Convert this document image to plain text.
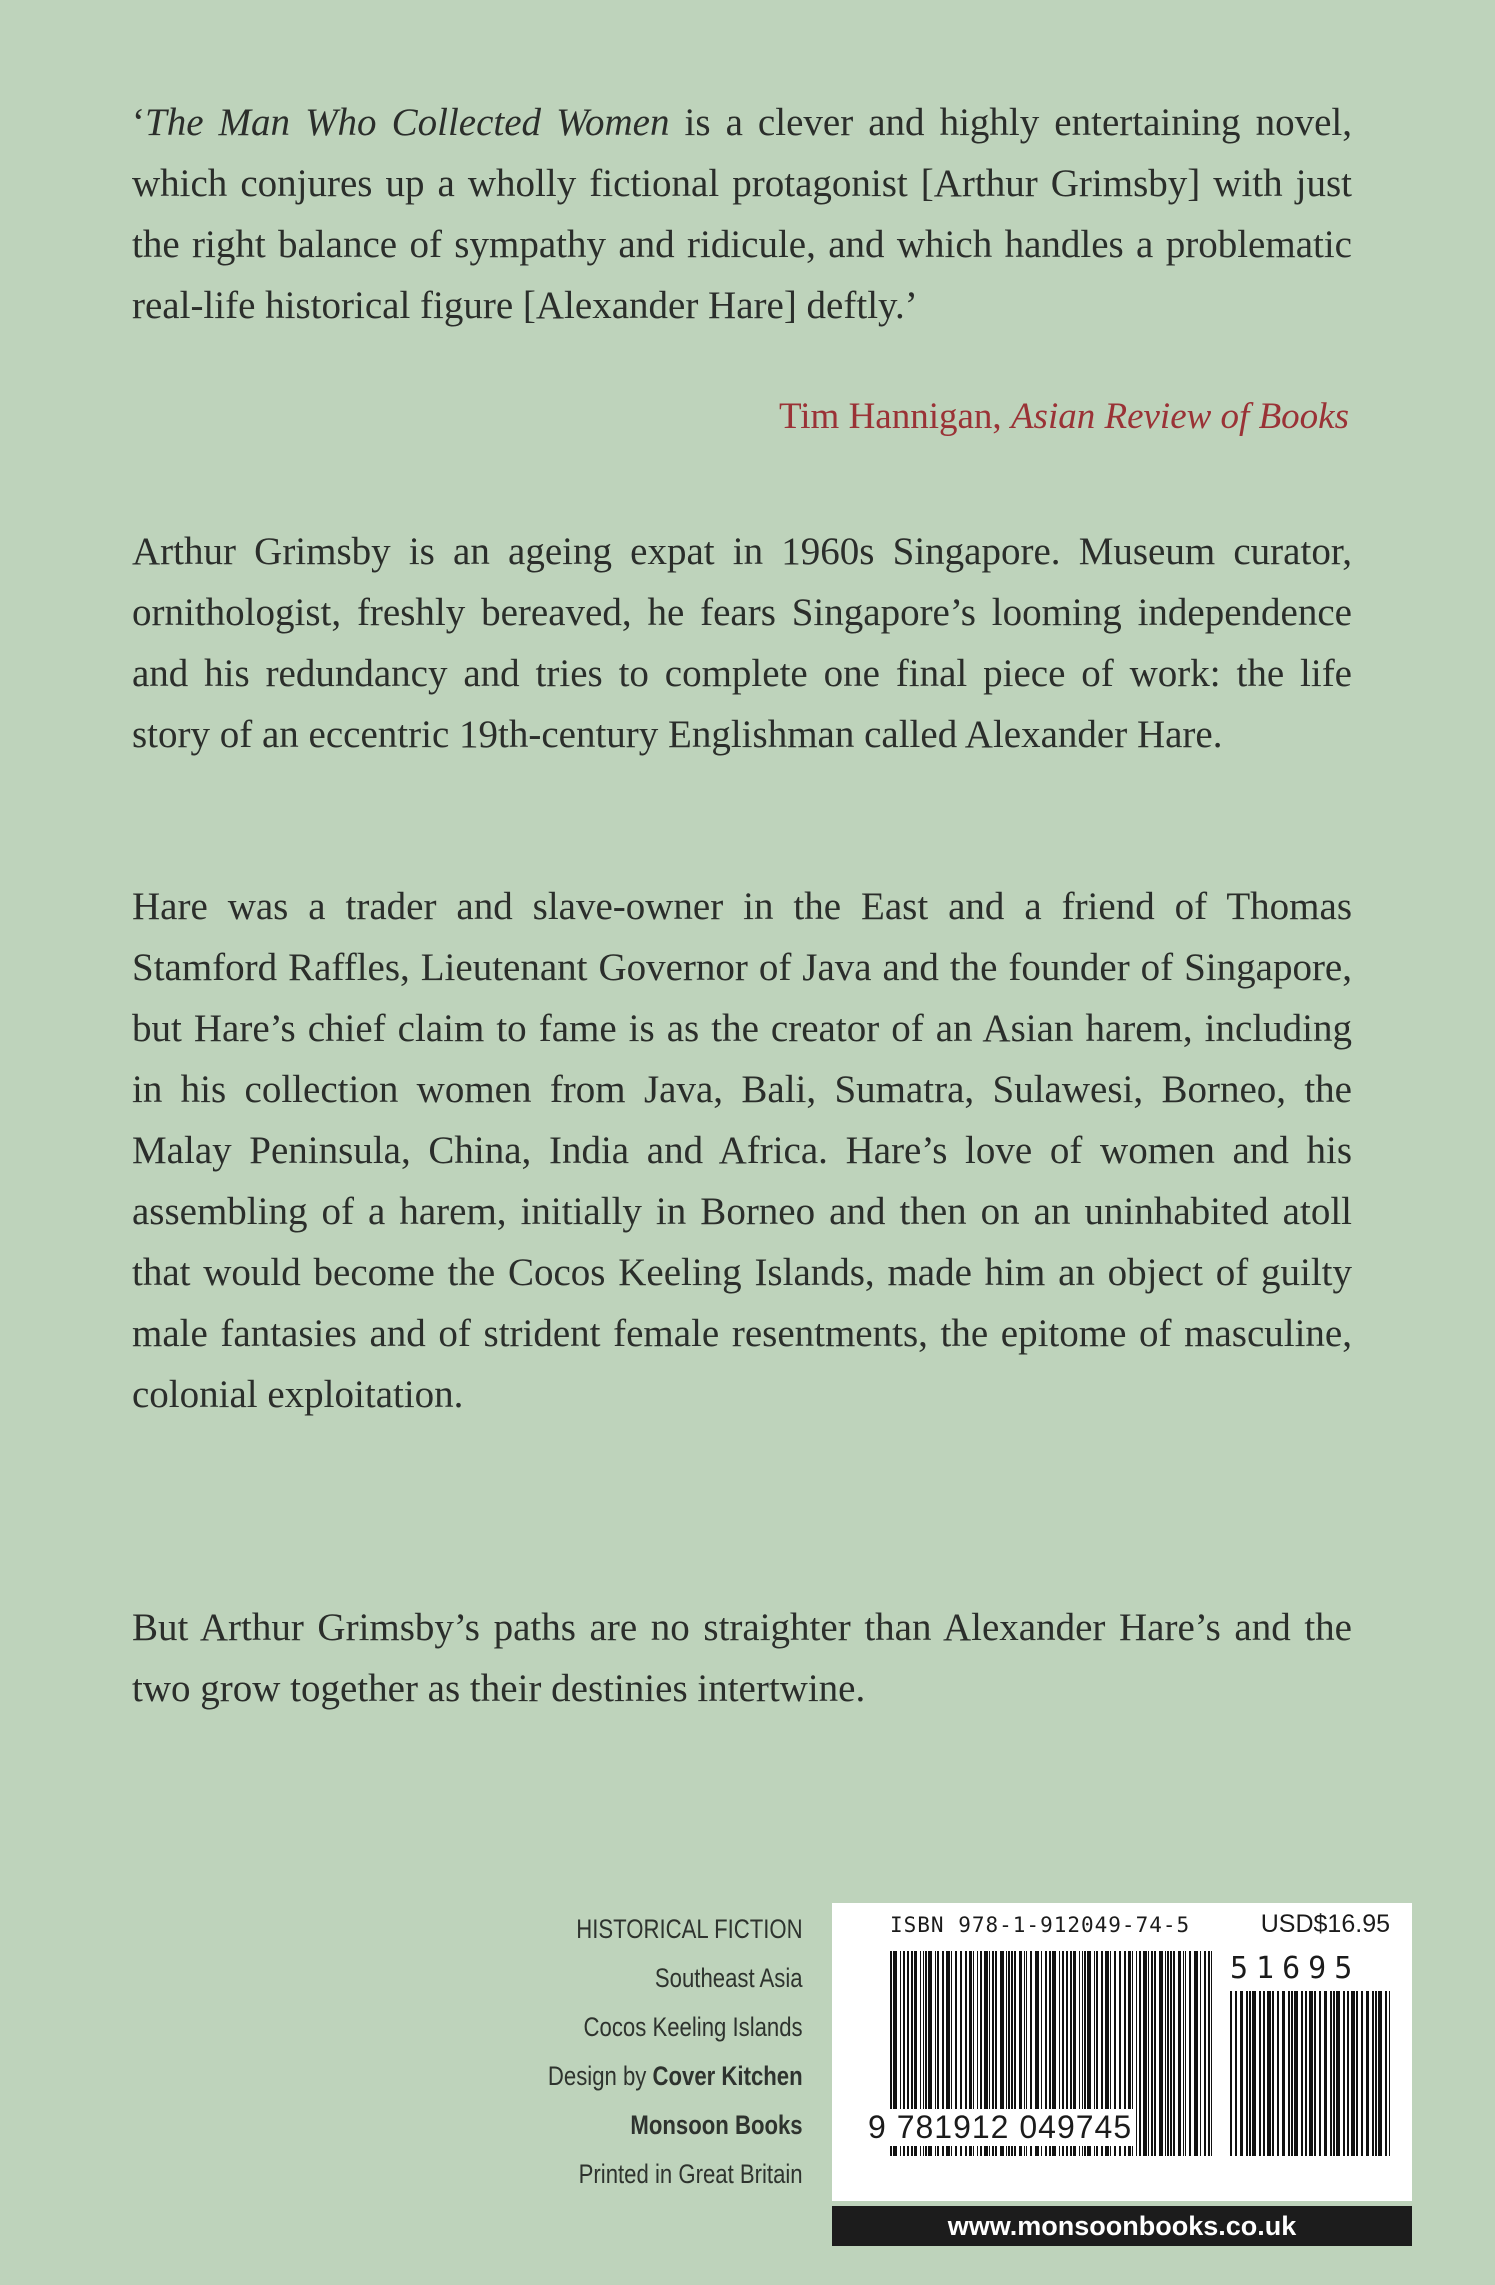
‘The Man Who Collected Women is a clever and highly entertaining novel, which conjures up a wholly fictional protagonist [Arthur Grimsby] with just the right balance of sympathy and ridicule, and which handles a problematic real-life historical figure [Alexander Hare] deftly.’
Tim Hannigan, Asian Review of Books
Arthur Grimsby is an ageing expat in 1960s Singapore. Museum curator, ornithologist, freshly bereaved, he fears Singapore’s looming independence and his redundancy and tries to complete one final piece of work: the life story of an eccentric 19th-century Englishman called Alexander Hare.
Hare was a trader and slave-owner in the East and a friend of Thomas Stamford Raffles, Lieutenant Governor of Java and the founder of Singapore, but Hare’s chief claim to fame is as the creator of an Asian harem, including in his collection women from Java, Bali, Sumatra, Sulawesi, Borneo, the Malay Peninsula, China, India and Africa. Hare’s love of women and his assembling of a harem, initially in Borneo and then on an uninhabited atoll that would become the Cocos Keeling Islands, made him an object of guilty male fantasies and of strident female resentments, the epitome of masculine, colonial exploitation.
But Arthur Grimsby’s paths are no straighter than Alexander Hare’s and the two grow together as their destinies intertwine.
HISTORICAL FICTION
Southeast Asia
Cocos Keeling Islands
Design by Cover Kitchen
Monsoon Books
Printed in Great Britain
ISBN 978-1-912049-74-5	USD$16.95
51695
9 781912 049745
www.monsoonbooks.co.uk
